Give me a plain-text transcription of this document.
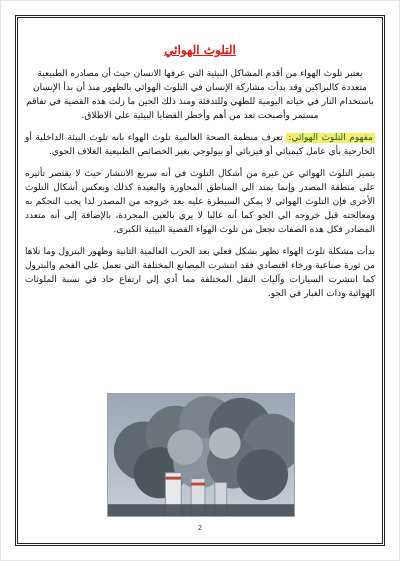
التلوث الهوائي

يعتبر تلوث الهواء من أقدم المشاكل البيئية التي عرفها الانسان حيث أن مصادره الطبيعية متعددة كالبراكين وقد بدأت مشاركة الإنسان في التلوث الهوائي بالظهور منذ أن بدأ الإنسان باستخدام النار في حياته اليومية للطهي وللتدفئة ومنذ ذلك الحين ما زلت هذه القضية في تفاقم مستمر وأصبحت تعد من أهم وأخطر القضايا البيئية علي الاطلاق.

مفهوم التلوث الهوائي: تعرف منظمة الصحة العالمية تلوث الهواء بانه تلوث البيئة الداخلية أو الخارجية بأي عامل كيميائي أو فيزيائي أو بيولوجي يغير الخصائص الطبيعية الغلاف الجوي.

يتميز التلوث الهوائي عن غيره من أشكال التلوث في أنه سريع الانتشار حيث لا يقتصر تأثيره على منطقة المصدر وإنما يمتد الي المناطق المجاورة والبعيدة كذلك وبعكس أشكال التلوث الأخرى فإن التلوث الهوائي لا يمكن السيطرة عليه بعد خروجه من المصدر لذا يجب التحكم به ومعالجته قبل خروجه الي الجو كما أنه غالبا لا يري بالعين المجردة، بالإضافة إلى أنه متعدد المصادر فكل هذه الصفات تجعل من تلوث الهواء القضية البيئية الكبرى.

بدأت مشكلة تلوث الهواء تظهر بشكل فعلي بعد الحرب العالمية الثانية وظهور البترول وما تلاها من ثورة صناعية ورخاء اقتصادي فقد انتشرت المصانع المختلفة التي تعمل علي الفحم والبترول كما انتشرت السيارات وآليات النقل المختلفة مما أدي إلي ارتفاع حاد في نسبة الملوثات الهوائية وذات الغبار في الجو.

2
